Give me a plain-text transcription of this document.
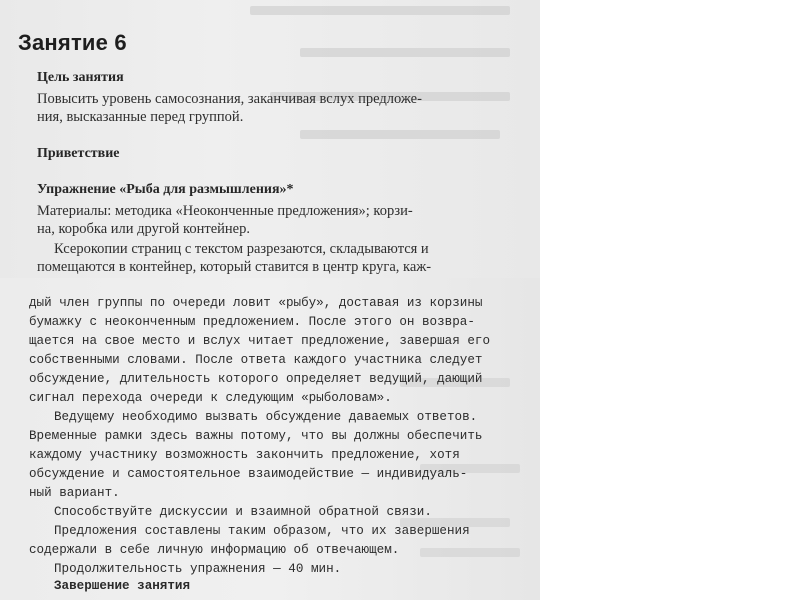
Занятие 6
Цель занятия
Повысить уровень самосознания, заканчивая вслух предложе-
ния, высказанные перед группой.
Приветствие
Упражнение «Рыба для размышления»*
Материалы: методика «Неоконченные предложения»; корзи-
на, коробка или другой контейнер.
Ксерокопии страниц с текстом разрезаются, складываются и
помещаются в контейнер, который ставится в центр круга, каж-
дый член группы по очереди ловит «рыбу», доставая из корзины
бумажку с неоконченным предложением. После этого он возвра-
щается на свое место и вслух читает предложение, завершая его
собственными словами. После ответа каждого участника следует
обсуждение, длительность которого определяет ведущий, дающий
сигнал перехода очереди к следующим «рыболовам».
Ведущему необходимо вызвать обсуждение даваемых ответов.
Временные рамки здесь важны потому, что вы должны обеспечить
каждому участнику возможность закончить предложение, хотя
обсуждение и самостоятельное взаимодействие — индивидуаль-
ный вариант.
Способствуйте дискуссии и взаимной обратной связи.
Предложения составлены таким образом, что их завершения
содержали в себе личную информацию об отвечающем.
Продолжительность упражнения — 40 мин.
Завершение занятия
